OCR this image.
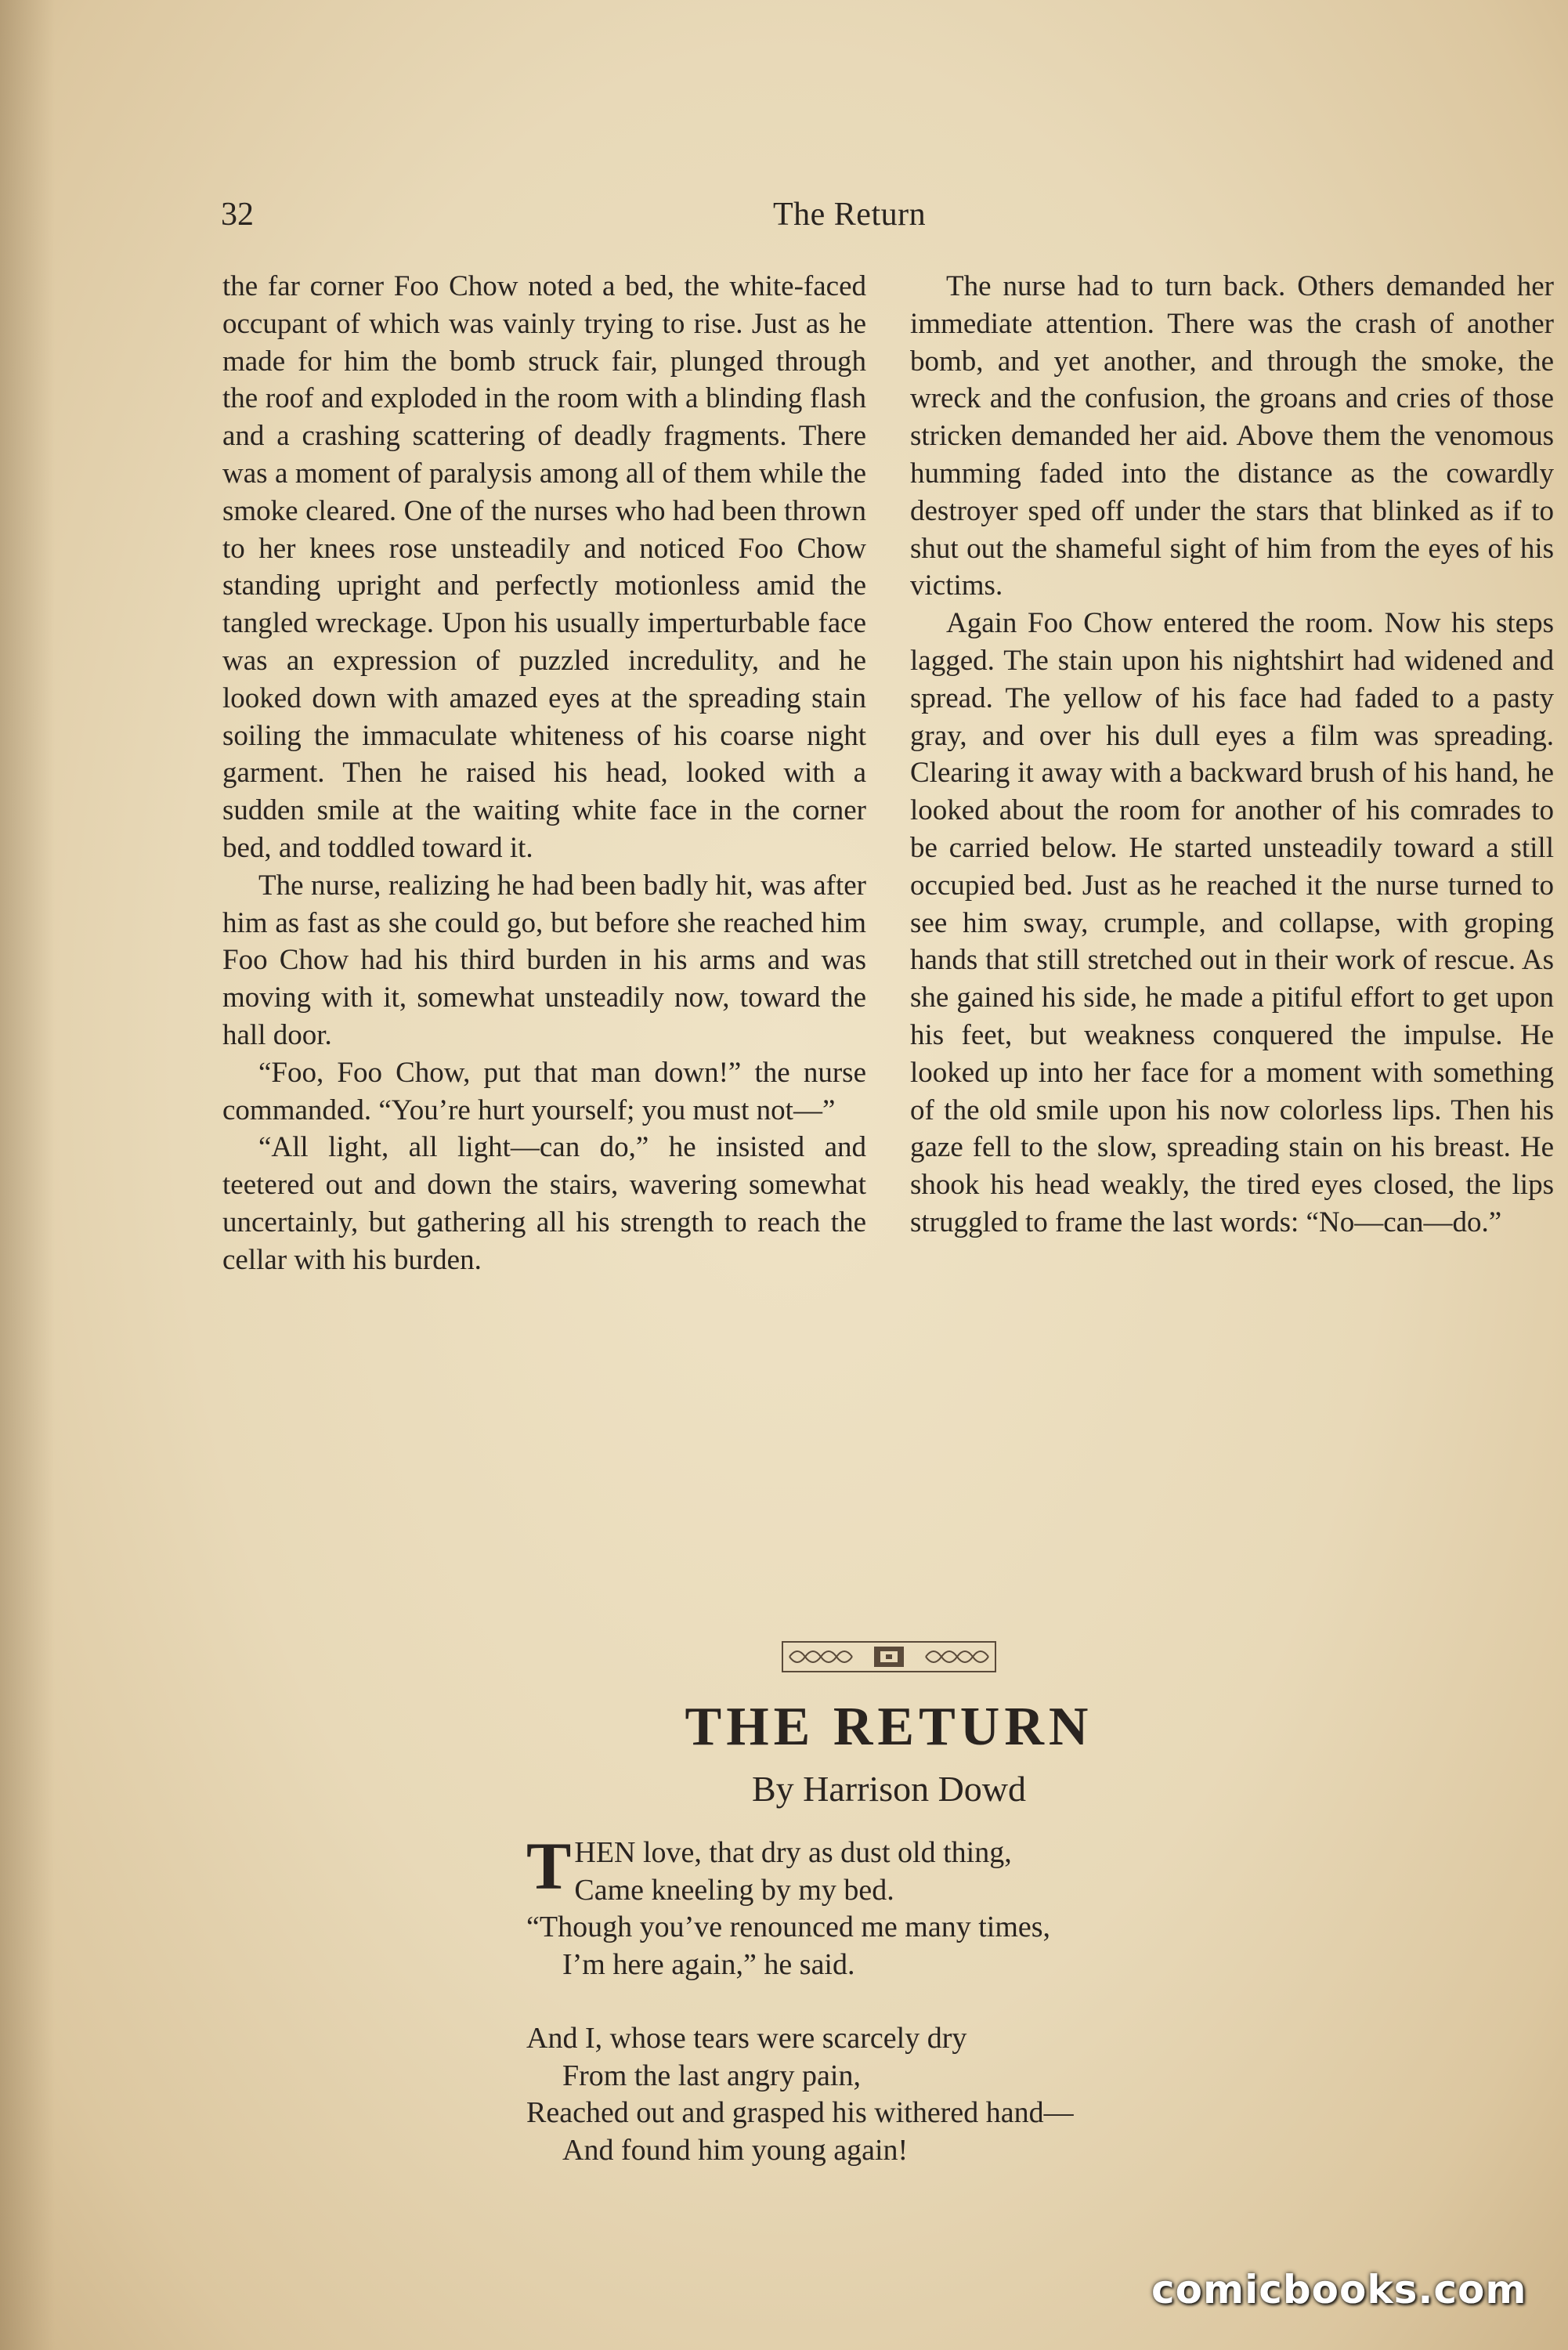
32	The Return

the far corner Foo Chow noted a bed, the white-faced occupant of which was vainly trying to rise. Just as he made for him the bomb struck fair, plunged through the roof and exploded in the room with a blinding flash and a crashing scattering of deadly fragments. There was a moment of paralysis among all of them while the smoke cleared. One of the nurses who had been thrown to her knees rose unsteadily and noticed Foo Chow standing upright and perfectly motionless amid the tangled wreckage. Upon his usually imperturbable face was an expression of puzzled incredulity, and he looked down with amazed eyes at the spreading stain soiling the immaculate whiteness of his coarse night garment. Then he raised his head, looked with a sudden smile at the waiting white face in the corner bed, and toddled toward it.

The nurse, realizing he had been badly hit, was after him as fast as she could go, but before she reached him Foo Chow had his third burden in his arms and was moving with it, somewhat unsteadily now, toward the hall door.

“Foo, Foo Chow, put that man down!” the nurse commanded. “You’re hurt yourself; you must not—”

“All light, all light—can do,” he insisted and teetered out and down the stairs, wavering somewhat uncertainly, but gathering all his strength to reach the cellar with his burden.

The nurse had to turn back. Others demanded her immediate attention. There was the crash of another bomb, and yet another, and through the smoke, the wreck and the confusion, the groans and cries of those stricken demanded her aid. Above them the venomous humming faded into the distance as the cowardly destroyer sped off under the stars that blinked as if to shut out the shameful sight of him from the eyes of his victims.

Again Foo Chow entered the room. Now his steps lagged. The stain upon his nightshirt had widened and spread. The yellow of his face had faded to a pasty gray, and over his dull eyes a film was spreading. Clearing it away with a backward brush of his hand, he looked about the room for another of his comrades to be carried below. He started unsteadily toward a still occupied bed. Just as he reached it the nurse turned to see him sway, crumple, and collapse, with groping hands that still stretched out in their work of rescue. As she gained his side, he made a pitiful effort to get upon his feet, but weakness conquered the impulse. He looked up into her face for a moment with something of the old smile upon his now colorless lips. Then his gaze fell to the slow, spreading stain on his breast. He shook his head weakly, the tired eyes closed, the lips struggled to frame the last words: “No—can—do.”

THE RETURN
By Harrison Dowd
T HEN love, that dry as dust old thing,
Came kneeling by my bed.
“Though you’ve renounced me many times,
I’m here again,” he said.
And I, whose tears were scarcely dry
From the last angry pain,
Reached out and grasped his withered hand—
And found him young again!
comicbooks.com
